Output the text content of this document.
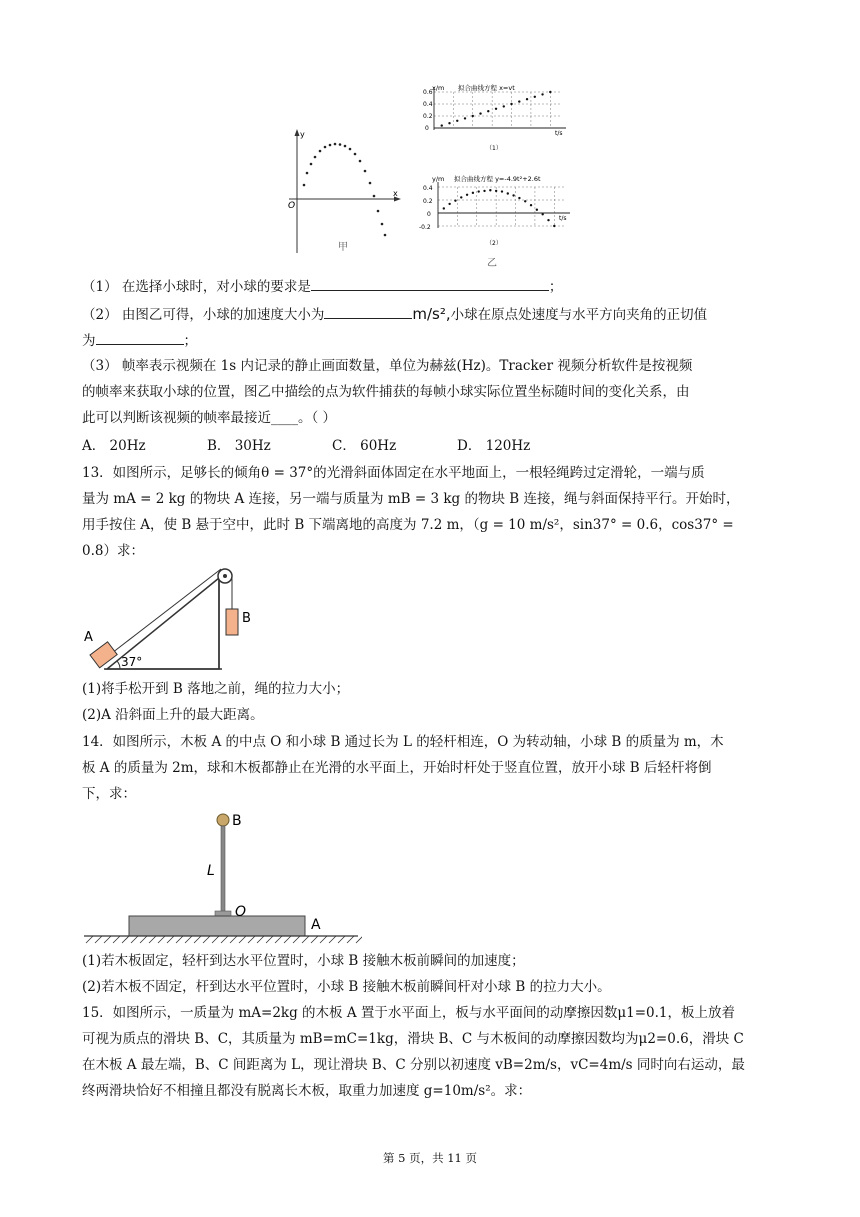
y
x
O
甲
x/m 拟合曲线方程 x=vt
t/s
0.6
0.4
0.2
0
（1）
y/m 拟合曲线方程 y=-4.9t²+2.6t
t/s
0.4
0.2
0
-0.2
（2）
乙
（1） 在选择小球时，对小球的要求是	；
（2） 由图乙可得，小球的加速度大小为	m/s²,小球在原点处速度与水平方向夹角的正切值
为	；
（3） 帧率表示视频在 1s 内记录的静止画面数量，单位为赫兹(Hz)。Tracker 视频分析软件是按视频
的帧率来获取小球的位置，图乙中描绘的点为软件捕获的每帧小球实际位置坐标随时间的变化关系，由
此可以判断该视频的帧率最接近____。（ ）
A． 20Hz	B． 30Hz	C． 60Hz	D． 120Hz
13．如图所示，足够长的倾角θ = 37°的光滑斜面体固定在水平地面上，一根轻绳跨过定滑轮，一端与质
量为 mA = 2 kg 的物块 A 连接，另一端与质量为 mB = 3 kg 的物块 B 连接，绳与斜面保持平行。开始时，
用手按住 A，使 B 悬于空中，此时 B 下端离地的高度为 7.2 m，（g = 10 m/s²，sin37° = 0.6，cos37° =
0.8）求：
A
B
37°
(1)将手松开到 B 落地之前，绳的拉力大小；
(2)A 沿斜面上升的最大距离。
14．如图所示，木板 A 的中点 O 和小球 B 通过长为 L 的轻杆相连，O 为转动轴，小球 B 的质量为 m，木
板 A 的质量为 2m，球和木板都静止在光滑的水平面上，开始时杆处于竖直位置，放开小球 B 后轻杆将倒
下，求：
B
L
O
A
(1)若木板固定，轻杆到达水平位置时，小球 B 接触木板前瞬间的加速度；
(2)若木板不固定，杆到达水平位置时，小球 B 接触木板前瞬间杆对小球 B 的拉力大小。
15．如图所示，一质量为 mA=2kg 的木板 A 置于水平面上，板与水平面间的动摩擦因数μ1=0.1，板上放着
可视为质点的滑块 B、C，其质量为 mB=mC=1kg，滑块 B、C 与木板间的动摩擦因数均为μ2=0.6，滑块 C
在木板 A 最左端，B、C 间距离为 L，现让滑块 B、C 分别以初速度 vB=2m/s，vC=4m/s 同时向右运动，最
终两滑块恰好不相撞且都没有脱离长木板，取重力加速度 g=10m/s²。求：
第 5 页，共 11 页
